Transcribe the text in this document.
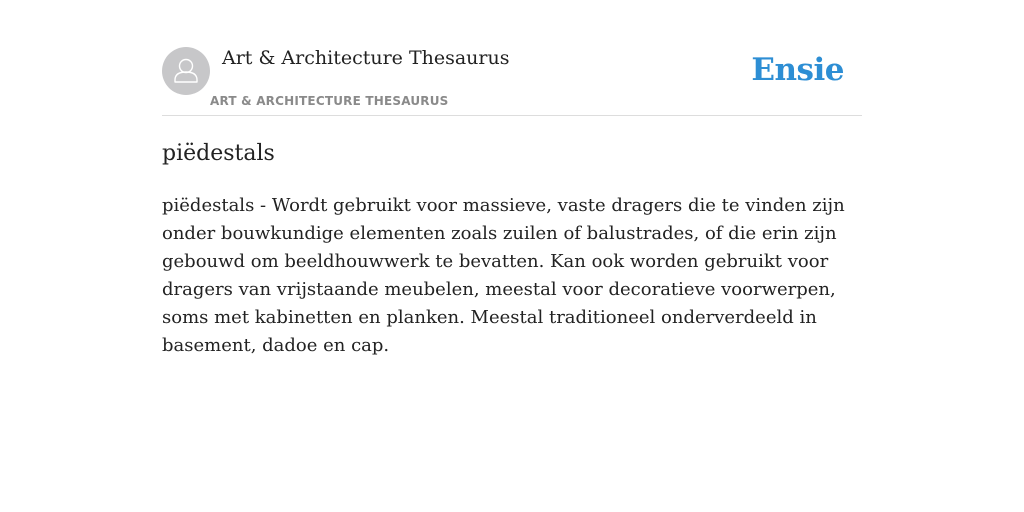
Art & Architecture Thesaurus
ART & ARCHITECTURE THESAURUS
Ensie
piëdestals

piëdestals - Wordt gebruikt voor massieve, vaste dragers die te vinden zijn onder bouwkundige elementen zoals zuilen of balustrades, of die erin zijn gebouwd om beeldhouwwerk te bevatten. Kan ook worden gebruikt voor dragers van vrijstaande meubelen, meestal voor decoratieve voorwerpen, soms met kabinetten en planken. Meestal traditioneel onderverdeeld in basement, dadoe en cap.
